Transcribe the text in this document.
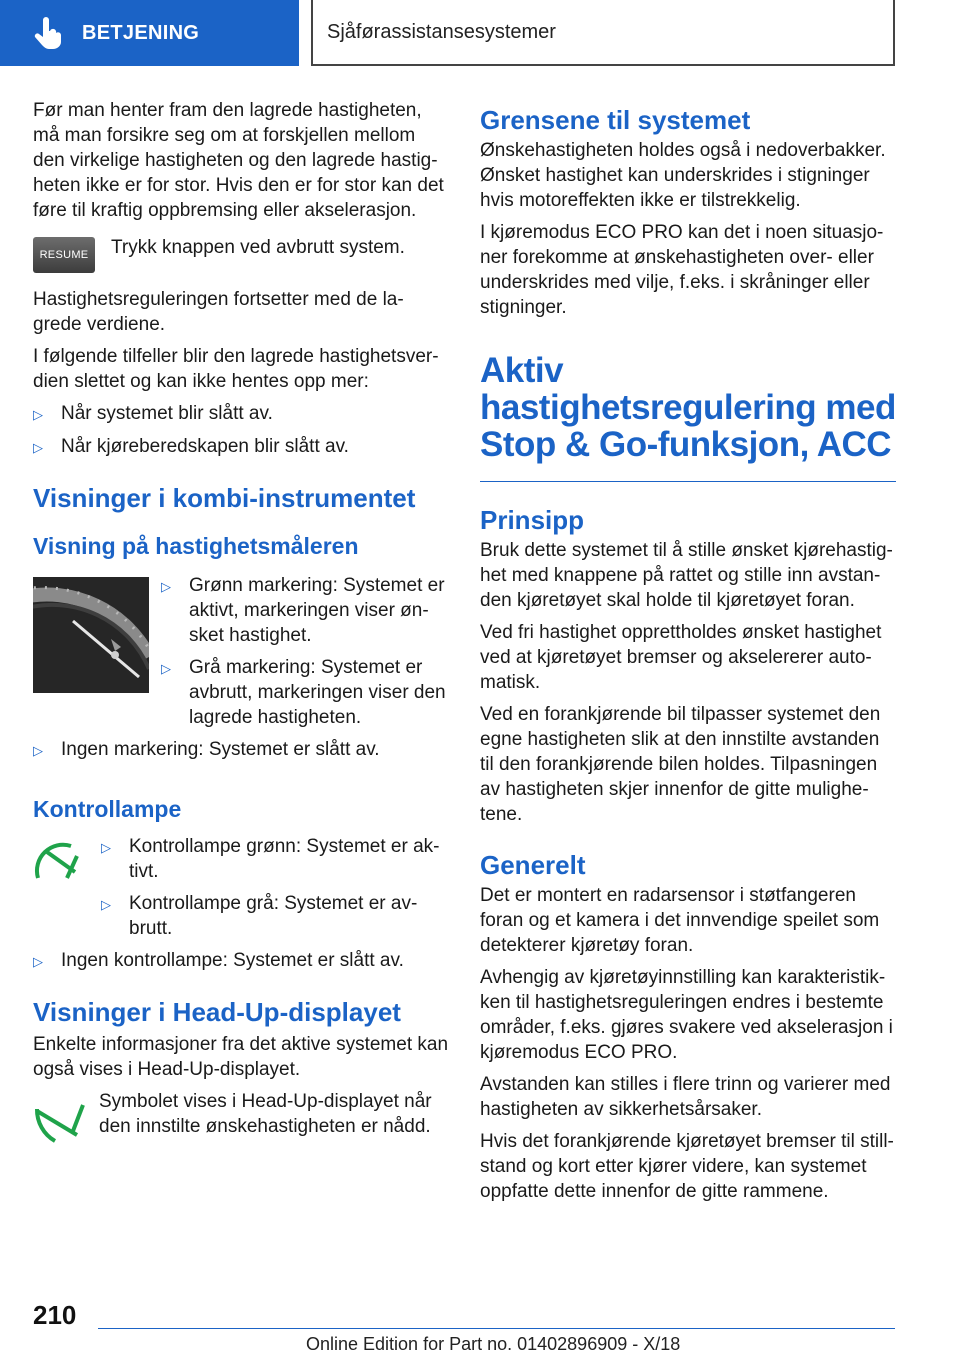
BETJENING	Sjåførassistansesystemer

Før man henter fram den lagrede hastigheten, må man forsikre seg om at forskjellen mellom den virkelige hastigheten og den lagrede hastig‐heten ikke er for stor. Hvis den er for stor kan det føre til kraftig oppbremsing eller akselerasjon.

RESUME	Trykk knappen ved avbrutt system.

Hastighetsreguleringen fortsetter med de la‐grede verdiene.

I følgende tilfeller blir den lagrede hastighetsver‐dien slettet og kan ikke hentes opp mer:

▷ Når systemet blir slått av.
▷ Når kjøreberedskapen blir slått av.
Visninger i kombi-instrumentet
Visning på hastighetsmåleren
▷ Grønn markering: Systemet er aktivt, markeringen viser øn‐sket hastighet.
▷ Grå markering: Systemet er avbrutt, markeringen viser den lagrede hastigheten.
▷ Ingen markering: Systemet er slått av.
Kontrollampe
▷ Kontrollampe grønn: Systemet er ak‐tivt.
▷ Kontrollampe grå: Systemet er av‐brutt.
▷ Ingen kontrollampe: Systemet er slått av.
Visninger i Head-Up-displayet

Enkelte informasjoner fra det aktive systemet kan også vises i Head-Up-displayet.

Symbolet vises i Head-Up-displayet når den innstilte ønskehastigheten er nådd.
Grensene til systemet

Ønskehastigheten holdes også i nedoverbakker. Ønsket hastighet kan underskrides i stigninger hvis motoreffekten ikke er tilstrekkelig.

I kjøremodus ECO PRO kan det i noen situasjo‐ner forekomme at ønskehastigheten over- eller underskrides med vilje, f.eks. i skråninger eller stigninger.

Aktiv hastighetsregulering med Stop & Go-funksjon, ACC
Prinsipp

Bruk dette systemet til å stille ønsket kjørehastig‐het med knappene på rattet og stille inn avstan‐den kjøretøyet skal holde til kjøretøyet foran.

Ved fri hastighet opprettholdes ønsket hastighet ved at kjøretøyet bremser og akselererer auto‐matisk.

Ved en forankjørende bil tilpasser systemet den egne hastigheten slik at den innstilte avstanden til den forankjørende bilen holdes. Tilpasningen av hastigheten skjer innenfor de gitte mulighe‐tene.

Generelt

Det er montert en radarsensor i støtfangeren foran og et kamera i det innvendige speilet som detekterer kjøretøy foran.

Avhengig av kjøretøyinnstilling kan karakteristik‐ken til hastighetsreguleringen endres i bestemte områder, f.eks. gjøres svakere ved akselerasjon i kjøremodus ECO PRO.

Avstanden kan stilles i flere trinn og varierer med hastigheten av sikkerhetsårsaker.

Hvis det forankjørende kjøretøyet bremser til still‐stand og kort etter kjører videre, kan systemet oppfatte dette innenfor de gitte rammene.

210
Online Edition for Part no. 01402896909 - X/18
